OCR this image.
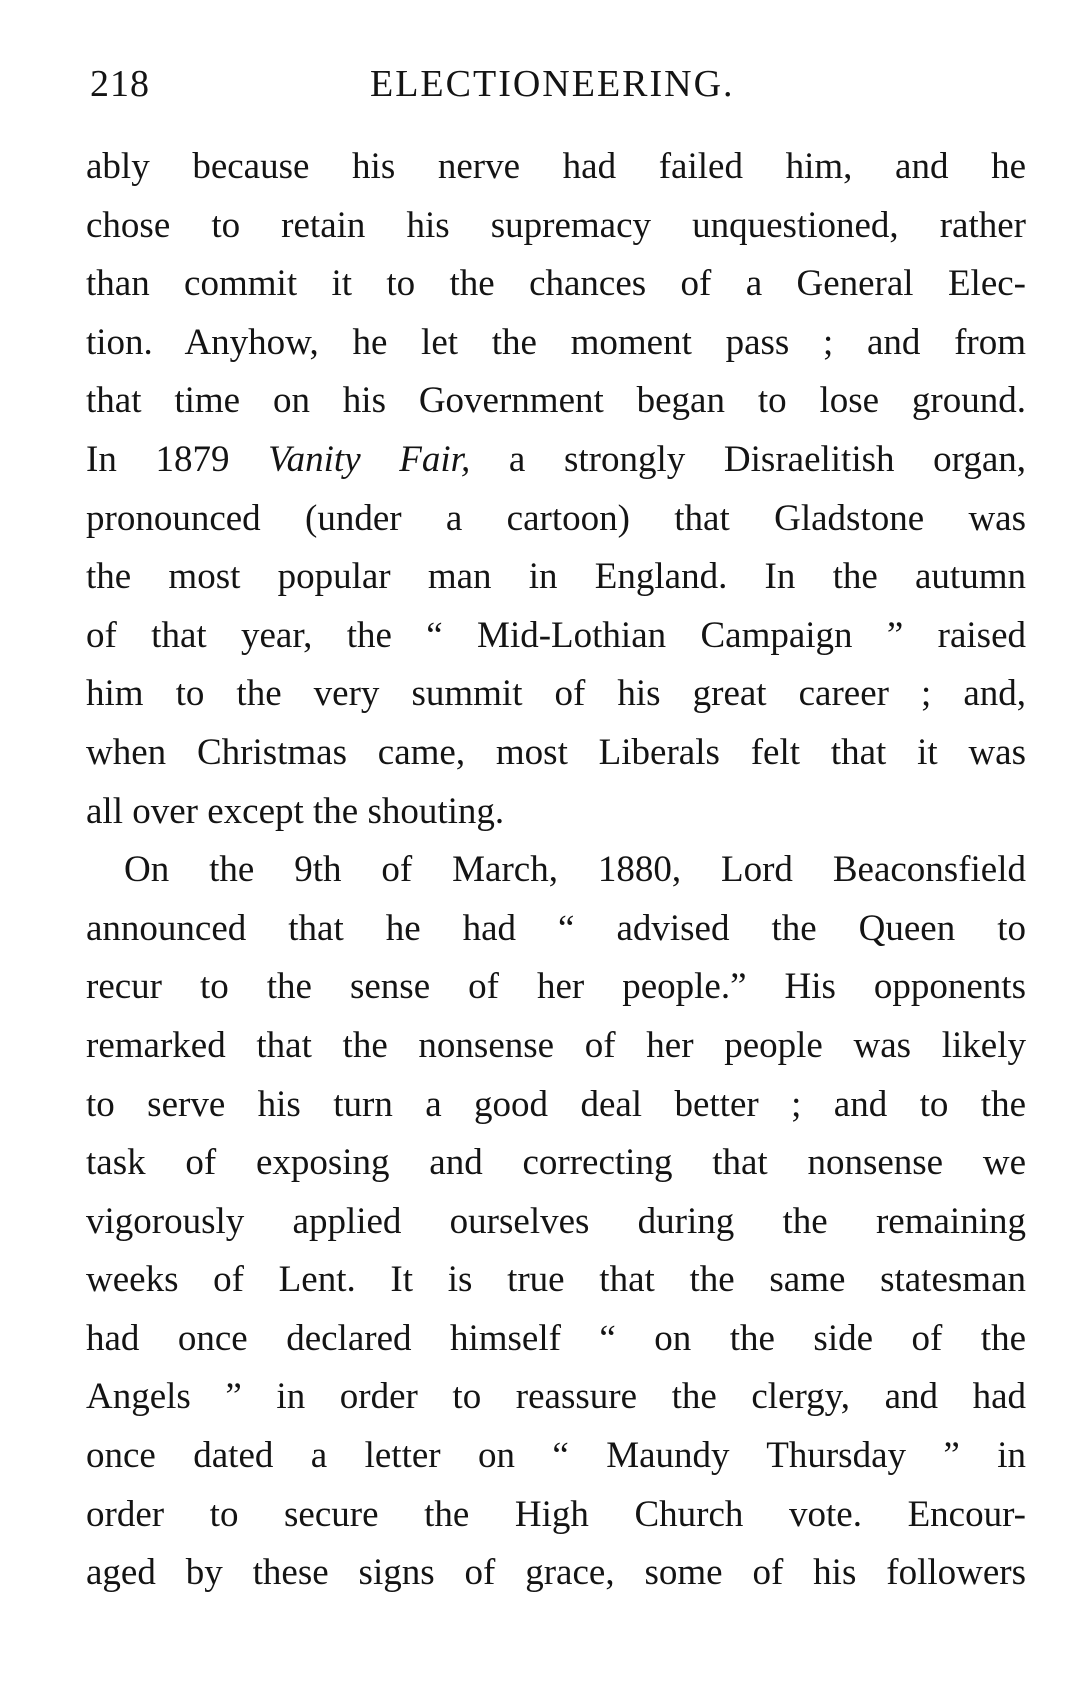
218	ELECTIONEERING.
ably because his nerve had failed him, and he
chose to retain his supremacy unquestioned, rather
than commit it to the chances of a General Elec-
tion. Anyhow, he let the moment pass ; and from
that time on his Government began to lose ground.
In 1879 Vanity Fair, a strongly Disraelitish organ,
pronounced (under a cartoon) that Gladstone was
the most popular man in England. In the autumn
of that year, the “ Mid-Lothian Campaign ” raised
him to the very summit of his great career ; and,
when Christmas came, most Liberals felt that it was
all over except the shouting.
On the 9th of March, 1880, Lord Beaconsfield
announced that he had “ advised the Queen to
recur to the sense of her people.” His opponents
remarked that the nonsense of her people was likely
to serve his turn a good deal better ; and to the
task of exposing and correcting that nonsense we
vigorously applied ourselves during the remaining
weeks of Lent. It is true that the same statesman
had once declared himself “ on the side of the
Angels ” in order to reassure the clergy, and had
once dated a letter on “ Maundy Thursday ” in
order to secure the High Church vote. Encour-
aged by these signs of grace, some of his followers
